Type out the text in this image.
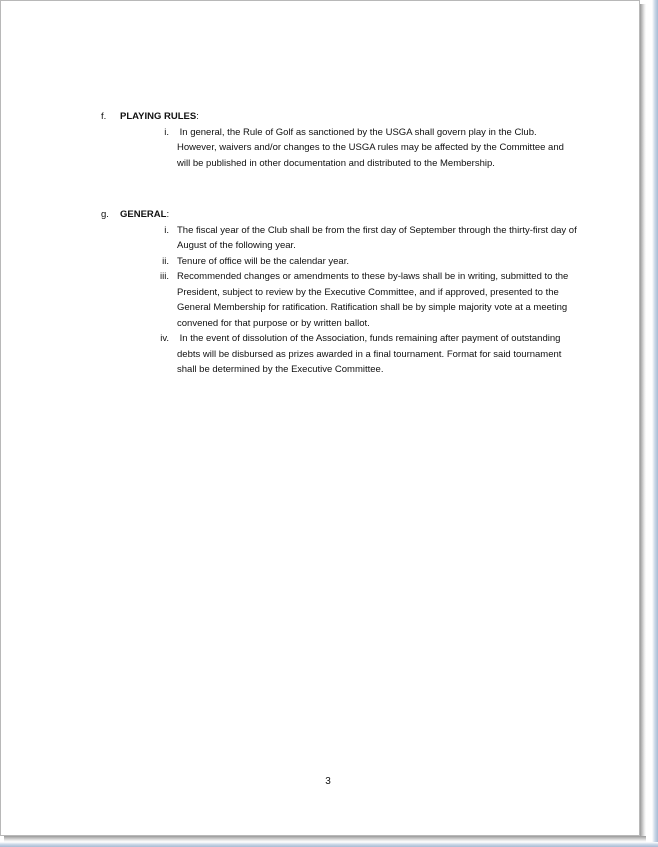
f. PLAYING RULES:
i. In general, the Rule of Golf as sanctioned by the USGA shall govern play in the Club. However, waivers and/or changes to the USGA rules may be affected by the Committee and will be published in other documentation and distributed to the Membership.
g. GENERAL:
i. The fiscal year of the Club shall be from the first day of September through the thirty-first day of August of the following year.
ii. Tenure of office will be the calendar year.
iii. Recommended changes or amendments to these by-laws shall be in writing, submitted to the President, subject to review by the Executive Committee, and if approved, presented to the General Membership for ratification. Ratification shall be by simple majority vote at a meeting convened for that purpose or by written ballot.
iv. In the event of dissolution of the Association, funds remaining after payment of outstanding debts will be disbursed as prizes awarded in a final tournament. Format for said tournament shall be determined by the Executive Committee.
3
